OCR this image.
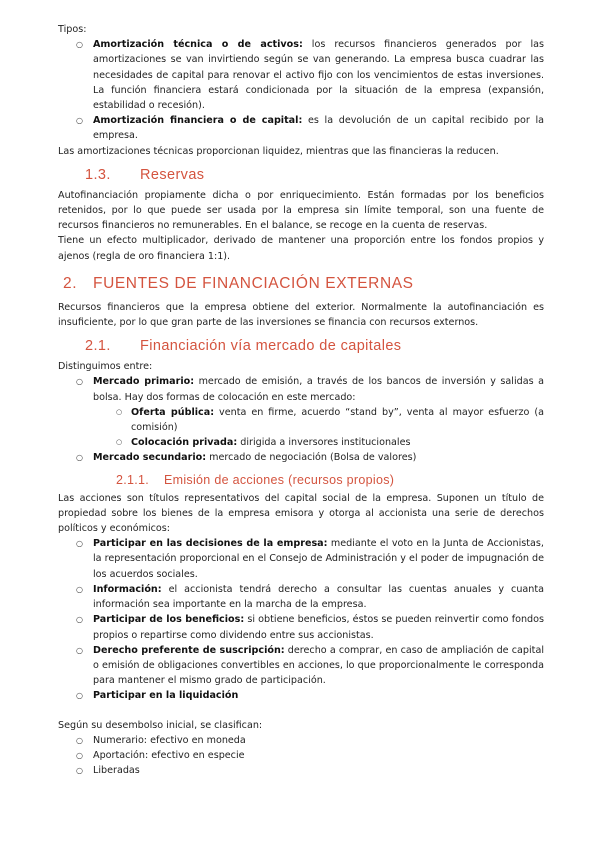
Tipos:

○ Amortización técnica o de activos: los recursos financieros generados por las amortizaciones se van invirtiendo según se van generando. La empresa busca cuadrar las necesidades de capital para renovar el activo fijo con los vencimientos de estas inversiones. La función financiera estará condicionada por la situación de la empresa (expansión, estabilidad o recesión).
○ Amortización financiera o de capital: es la devolución de un capital recibido por la empresa.

Las amortizaciones técnicas proporcionan liquidez, mientras que las financieras la reducen.

1.3. Reservas

Autofinanciación propiamente dicha o por enriquecimiento. Están formadas por los beneficios retenidos, por lo que puede ser usada por la empresa sin límite temporal, son una fuente de recursos financieros no remunerables. En el balance, se recoge en la cuenta de reservas.

Tiene un efecto multiplicador, derivado de mantener una proporción entre los fondos propios y ajenos (regla de oro financiera 1:1).

2. FUENTES DE FINANCIACIÓN EXTERNAS

Recursos financieros que la empresa obtiene del exterior. Normalmente la autofinanciación es insuficiente, por lo que gran parte de las inversiones se financia con recursos externos.

2.1. Financiación vía mercado de capitales

Distinguimos entre:

○ Mercado primario: mercado de emisión, a través de los bancos de inversión y salidas a bolsa. Hay dos formas de colocación en este mercado:
○ Oferta pública: venta en firme, acuerdo “stand by”, venta al mayor esfuerzo (a comisión)
○ Colocación privada: dirigida a inversores institucionales
○ Mercado secundario: mercado de negociación (Bolsa de valores)
2.1.1. Emisión de acciones (recursos propios)

Las acciones son títulos representativos del capital social de la empresa. Suponen un título de propiedad sobre los bienes de la empresa emisora y otorga al accionista una serie de derechos políticos y económicos:

○ Participar en las decisiones de la empresa: mediante el voto en la Junta de Accionistas, la representación proporcional en el Consejo de Administración y el poder de impugnación de los acuerdos sociales.
○ Información: el accionista tendrá derecho a consultar las cuentas anuales y cuanta información sea importante en la marcha de la empresa.
○ Participar de los beneficios: si obtiene beneficios, éstos se pueden reinvertir como fondos propios o repartirse como dividendo entre sus accionistas.
○ Derecho preferente de suscripción: derecho a comprar, en caso de ampliación de capital o emisión de obligaciones convertibles en acciones, lo que proporcionalmente le corresponda para mantener el mismo grado de participación.
○ Participar en la liquidación

Según su desembolso inicial, se clasifican:

○ Numerario: efectivo en moneda
○ Aportación: efectivo en especie
○ Liberadas
